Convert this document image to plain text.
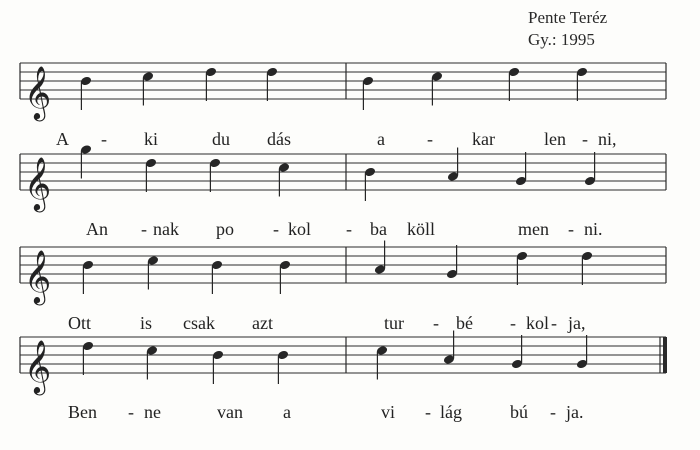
Pente Teréz
Gy.: 1995
𝄞
A - ki	du dás	a - kar	len - ni,
𝄞
An - nak po - kol - ba köll	men - ni.
𝄞
Ott	is csak azt	tur - bé - kol - ja,
𝄞
Ben - ne	van a	vi - lág	bú - ja.
